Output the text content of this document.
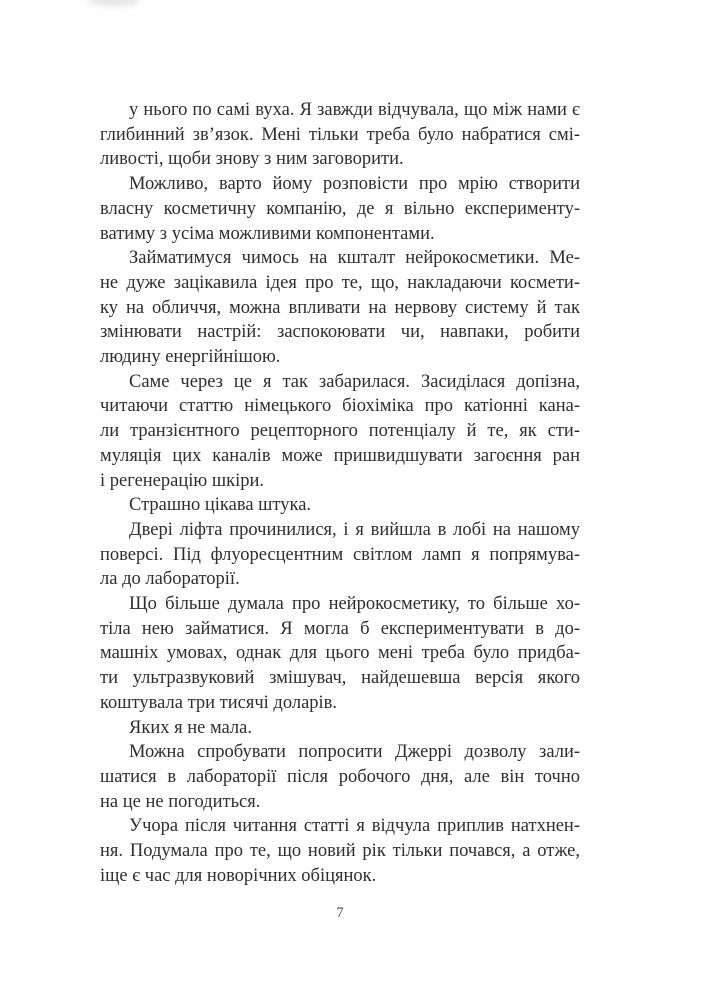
у нього по самі вуха. Я завжди відчувала, що між нами є
глибинний зв’язок. Мені тільки треба було набратися смі-
ливості, щоби знову з ним заговорити.
Можливо, варто йому розповісти про мрію створити
власну косметичну компанію, де я вільно експерименту-
ватиму з усіма можливими компонентами.
Займатимуся чимось на кшталт нейрокосметики. Ме-
не дуже зацікавила ідея про те, що, накладаючи космети-
ку на обличчя, можна впливати на нервову систему й так
змінювати настрій: заспокоювати чи, навпаки, робити
людину енергійнішою.
Саме через це я так забарилася. Засиділася допізна,
читаючи статтю німецького біохіміка про катіонні кана-
ли транзієнтного рецепторного потенціалу й те, як сти-
муляція цих каналів може пришвидшувати загоєння ран
і регенерацію шкіри.
Страшно цікава штука.
Двері ліфта прочинилися, і я вийшла в лобі на нашому
поверсі. Під флуоресцентним світлом ламп я попрямува-
ла до лабораторії.
Що більше думала про нейрокосметику, то більше хо-
тіла нею займатися. Я могла б експериментувати в до-
машніх умовах, однак для цього мені треба було придба-
ти ультразвуковий змішувач, найдешевша версія якого
коштувала три тисячі доларів.
Яких я не мала.
Можна спробувати попросити Джеррі дозволу зали-
шатися в лабораторії після робочого дня, але він точно
на це не погодиться.
Учора після читання статті я відчула приплив натхнен-
ня. Подумала про те, що новий рік тільки почався, а отже,
іще є час для новорічних обіцянок.
7
